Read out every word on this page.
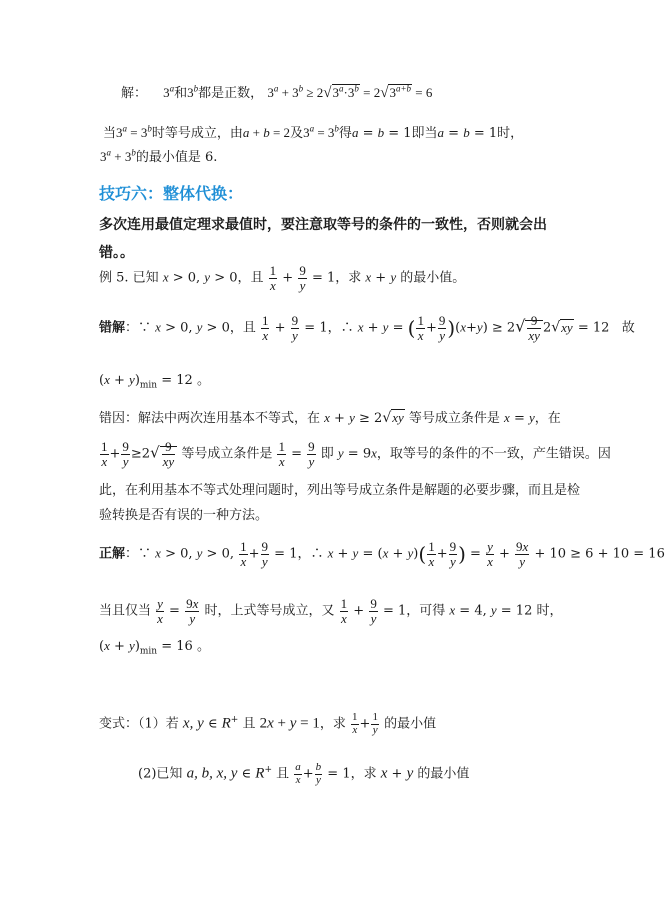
解： 3$^a$和3$^b$都是正数， $3^a + 3^b \ge 2√3^a\cdot 3^b = 2√3^{a+b} = 6$
当$3^a = 3^b$时等号成立，由a + b = 2及$3^a = 3^b$得a = b = 1即当a = b = 1时，
$3^a + 3^b$的最小值是 6.
技巧六：整体代换：
多次连用最值定理求最值时，要注意取等号的条件的一致性，否则就会出
错。。
例 5. 已知 x > 0, y > 0，且 $\frac{1}{x} + \frac{9}{y} = 1$，求 x + y 的最小值。
错解：∵ x > 0, y > 0，且 $\frac{1}{x} + \frac{9}{y} = 1$，∴ x + y = ( $\frac{1}{x} + \frac{9}{y} )(x+y) \ge 2√ \frac{9}{xy} 2√xy = 12$   故
$(x + y)_{min} = 12$ 。
错因：解法中两次连用基本不等式，在 x + y ≥ 2√xy 等号成立条件是 x = y，在
$\frac{1}{x} + \frac{9}{y} \ge 2√ \frac{9}{xy}$ 等号成立条件是 $\frac{1}{x} = \frac{9}{y}$ 即 y = 9x，取等号的条件的不一致，产生错误。因
此，在利用基本不等式处理问题时，列出等号成立条件是解题的必要步骤，而且是检
验转换是否有误的一种方法。
正解：∵ x > 0, y > 0, $\frac{1}{x} + \frac{9}{y} = 1$，∴ $x + y = (x + y)( \frac{1}{x} + \frac{9}{y}$ ) = $\frac{y}{x} + \frac{9x}{y} + 10 \ge 6 + 10 = 16$
当且仅当 $\frac{y}{x} = \frac{9x}{y}$ 时，上式等号成立，又 $\frac{1}{x} + \frac{9}{y} = 1$，可得 x = 4, y = 12 时，
$(x + y)_{min} = 16$ 。
变式：（1）若 x, y ∈ R+ 且 2x + y = 1，求 $\frac{1}{x} + \frac{1}{y}$ 的最小值
(2)已知 a, b, x, y ∈ R+ 且 $\frac{a}{x} + \frac{b}{y} = 1$，求 x + y 的最小值
